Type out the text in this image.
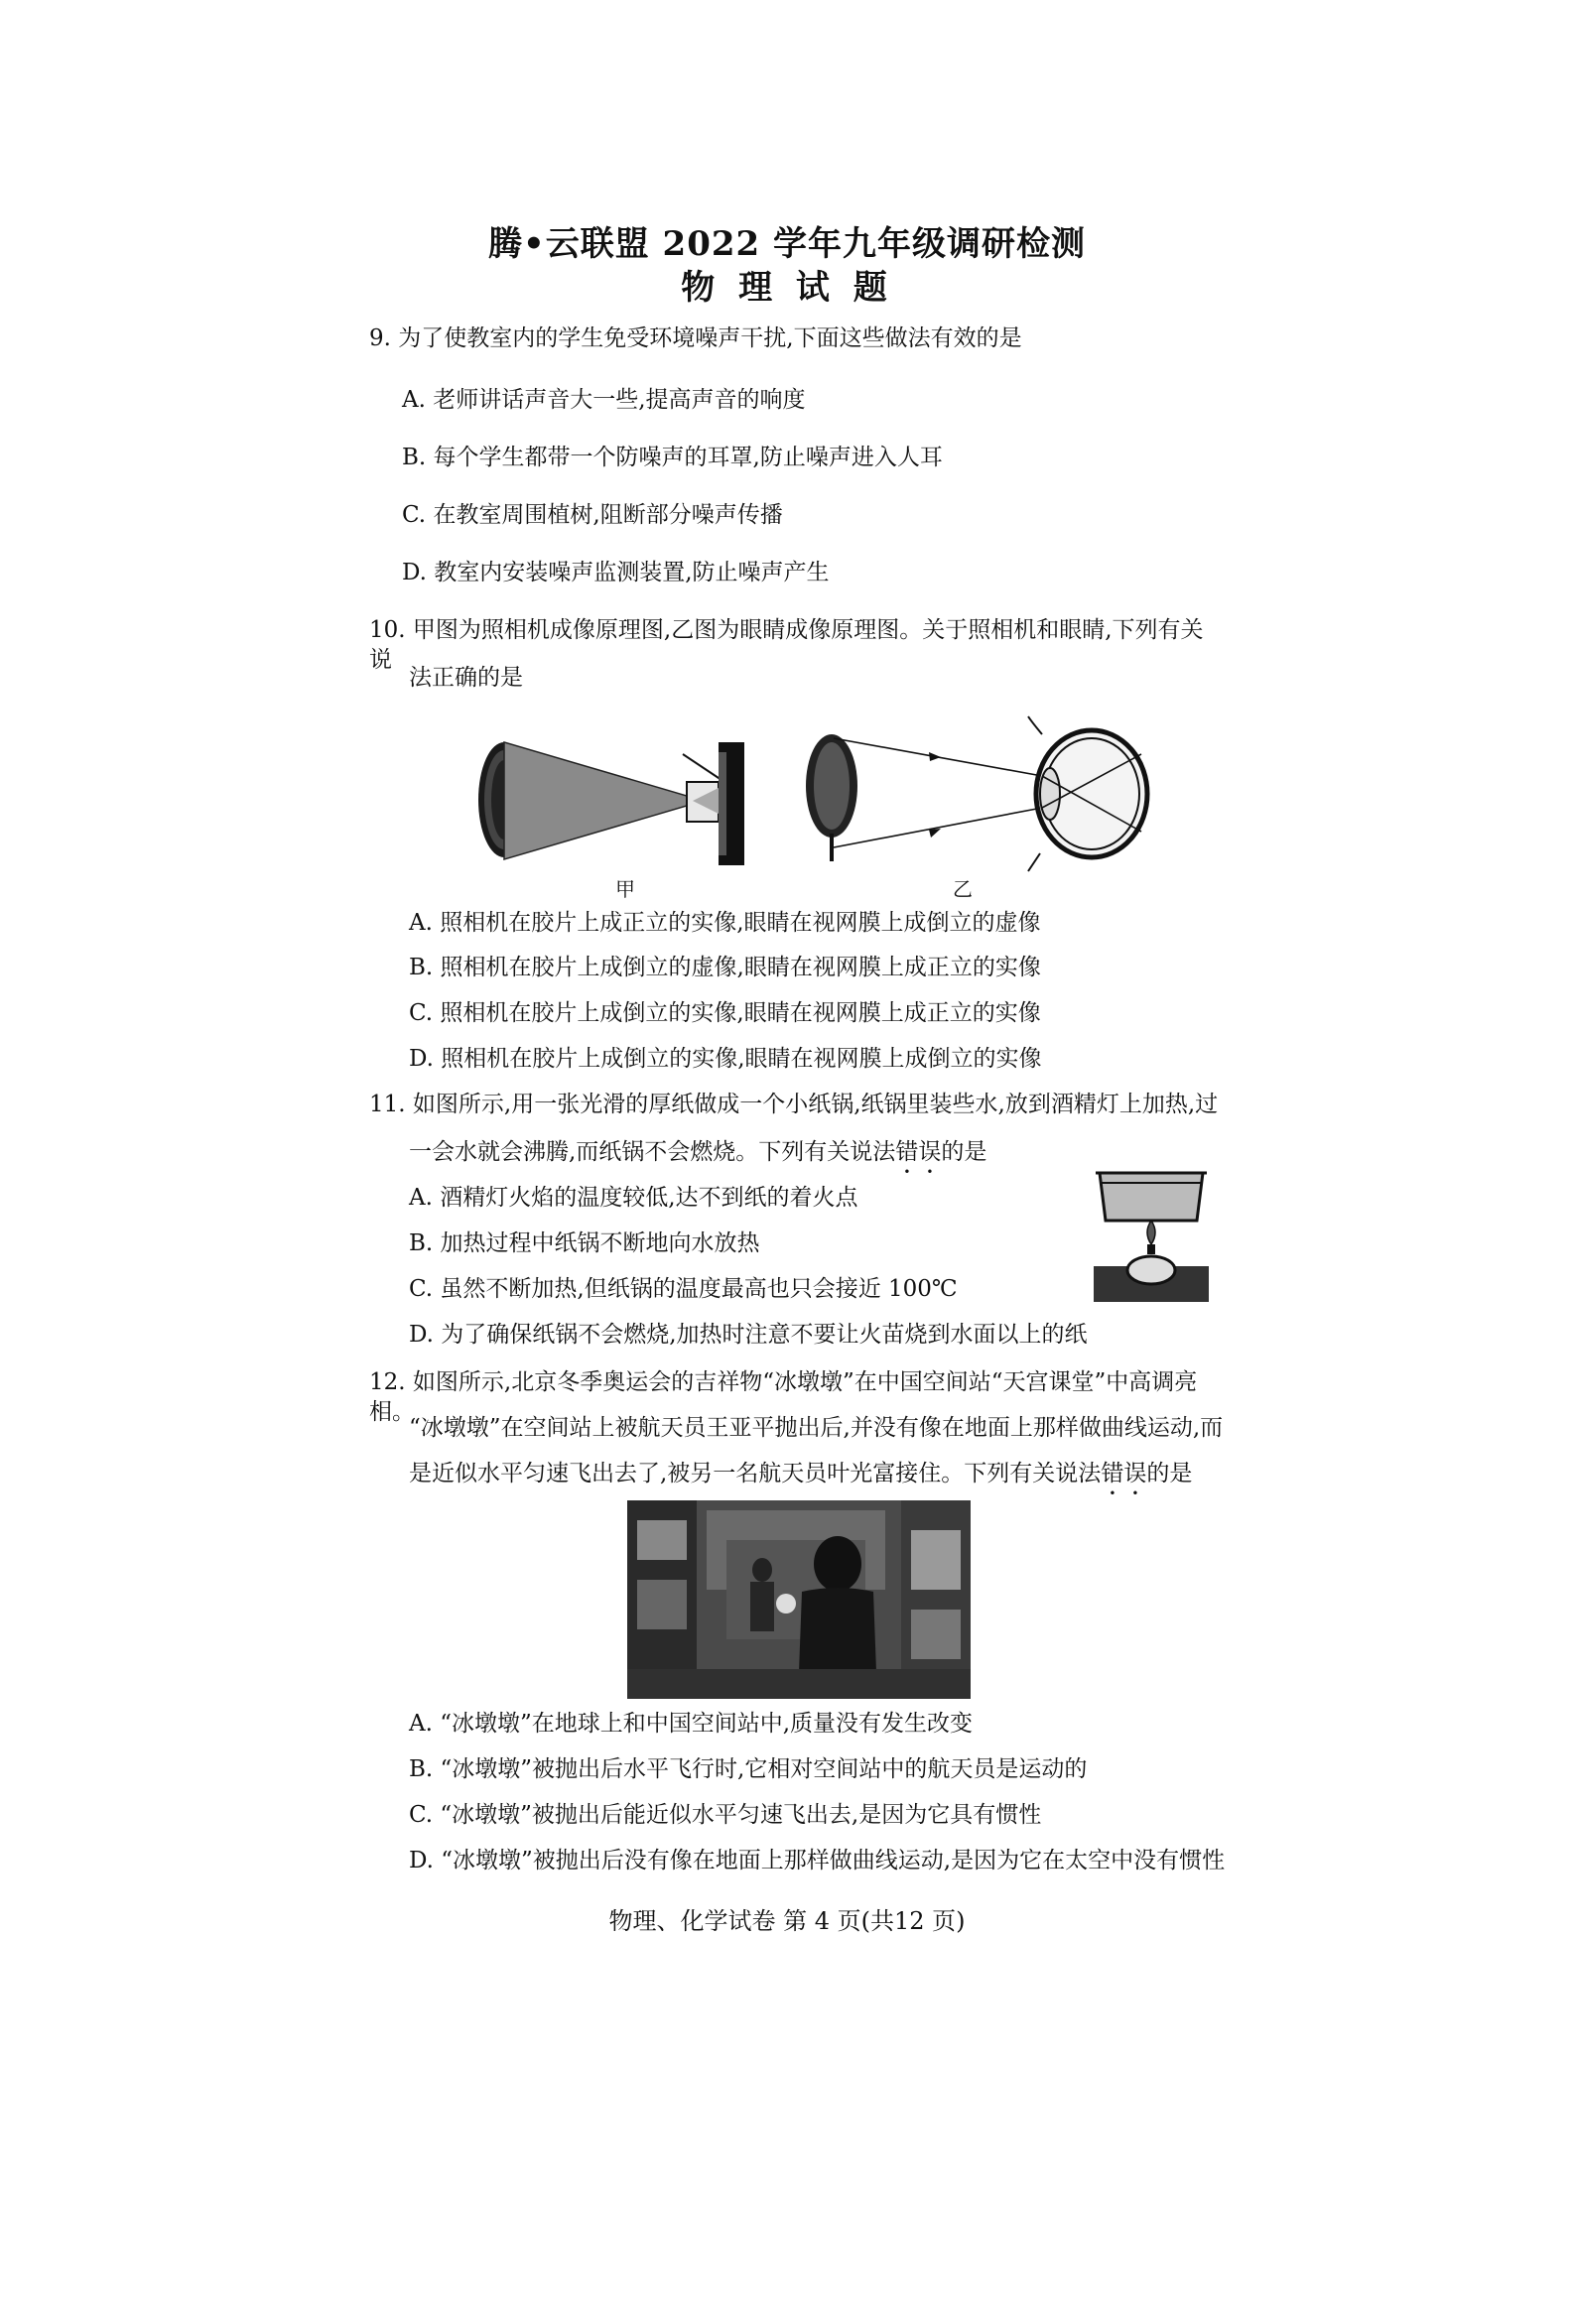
腾•云联盟 2022 学年九年级调研检测
物 理 试 题
9. 为了使教室内的学生免受环境噪声干扰,下面这些做法有效的是
A. 老师讲话声音大一些,提高声音的响度
B. 每个学生都带一个防噪声的耳罩,防止噪声进入人耳
C. 在教室周围植树,阻断部分噪声传播
D. 教室内安装噪声监测装置,防止噪声产生
10. 甲图为照相机成像原理图,乙图为眼睛成像原理图。关于照相机和眼睛,下列有关说
法正确的是
甲	乙
A. 照相机在胶片上成正立的实像,眼睛在视网膜上成倒立的虚像
B. 照相机在胶片上成倒立的虚像,眼睛在视网膜上成正立的实像
C. 照相机在胶片上成倒立的实像,眼睛在视网膜上成正立的实像
D. 照相机在胶片上成倒立的实像,眼睛在视网膜上成倒立的实像
11. 如图所示,用一张光滑的厚纸做成一个小纸锅,纸锅里装些水,放到酒精灯上加热,过
一会水就会沸腾,而纸锅不会燃烧。下列有关说法错误的是
A. 酒精灯火焰的温度较低,达不到纸的着火点
B. 加热过程中纸锅不断地向水放热
C. 虽然不断加热,但纸锅的温度最高也只会接近 100℃
D. 为了确保纸锅不会燃烧,加热时注意不要让火苗烧到水面以上的纸
12. 如图所示,北京冬季奥运会的吉祥物“冰墩墩”在中国空间站“天宫课堂”中高调亮相。
“冰墩墩”在空间站上被航天员王亚平抛出后,并没有像在地面上那样做曲线运动,而
是近似水平匀速飞出去了,被另一名航天员叶光富接住。下列有关说法错误的是
A. “冰墩墩”在地球上和中国空间站中,质量没有发生改变
B. “冰墩墩”被抛出后水平飞行时,它相对空间站中的航天员是运动的
C. “冰墩墩”被抛出后能近似水平匀速飞出去,是因为它具有惯性
D. “冰墩墩”被抛出后没有像在地面上那样做曲线运动,是因为它在太空中没有惯性
物理、化学试卷 第 4 页(共12 页)
